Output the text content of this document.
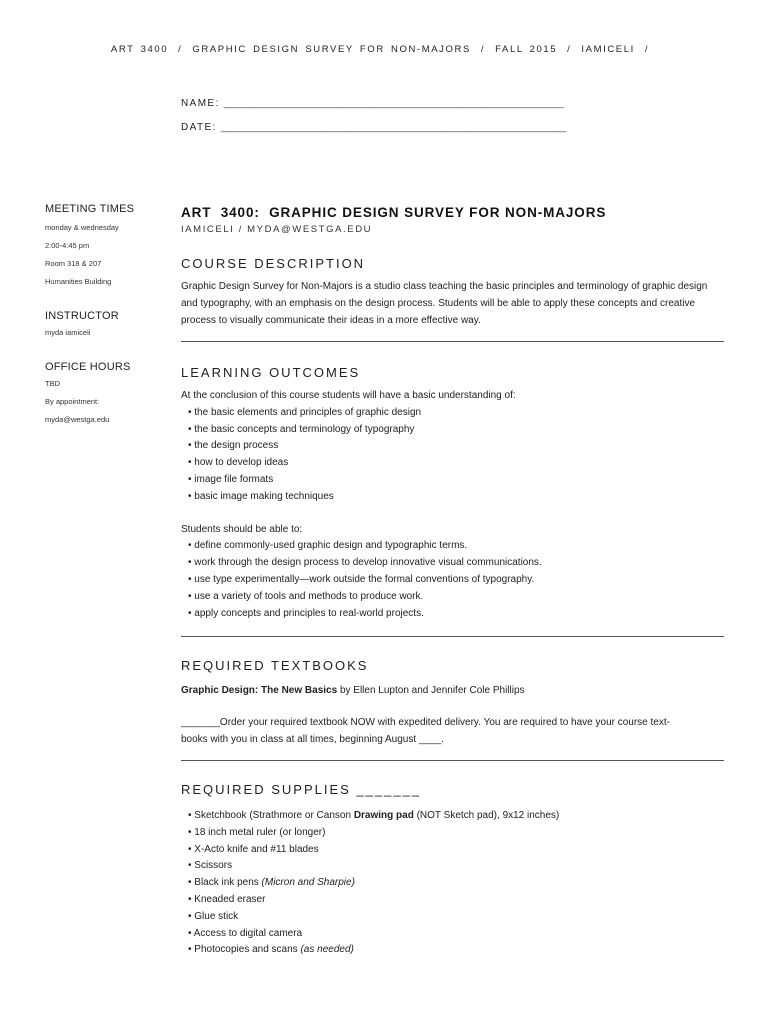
ART 3400 / GRAPHIC DESIGN SURVEY FOR NON-MAJORS / FALL 2015 / IAMICELI /
NAME: ___________________________________________________________
DATE: ____________________________________________________________
MEETING TIMES
monday & wednesday
2:00-4:45 pm
Room 318 & 207
Humanities Building
INSTRUCTOR
myda iamiceli
OFFICE HOURS
TBD
By appointment:
myda@westga.edu
ART  3400:  GRAPHIC DESIGN SURVEY FOR NON-MAJORS
IAMICELI / MYDA@WESTGA.EDU
COURSE DESCRIPTION
Graphic Design Survey for Non-Majors is a studio class teaching the basic principles and terminology of graphic design and typography, with an emphasis on the design process. Students will be able to apply these concepts and creative process to visually communicate their ideas in a more effective way.
LEARNING OUTCOMES
At the conclusion of this course students will have a basic understanding of:
• the basic elements and principles of graphic design
• the basic concepts and terminology of typography
• the design process
• how to develop ideas
• image file formats
• basic image making techniques
Students should be able to:
• define commonly-used graphic design and typographic terms.
• work through the design process to develop innovative visual communications.
• use type experimentally—work outside the formal conventions of typography.
• use a variety of tools and methods to produce work.
• apply concepts and principles to real-world projects.
REQUIRED TEXTBOOKS
Graphic Design: The New Basics by Ellen Lupton and Jennifer Cole Phillips
_______Order your required textbook NOW with expedited delivery. You are required to have your course text-
books with you in class at all times, beginning August ____.
REQUIRED SUPPLIES _______
• Sketchbook (Strathmore or Canson Drawing pad (NOT Sketch pad), 9x12 inches)
• 18 inch metal ruler (or longer)
• X-Acto knife and #11 blades
• Scissors
• Black ink pens (Micron and Sharpie)
• Kneaded eraser
• Glue stick
• Access to digital camera
• Photocopies and scans (as needed)
